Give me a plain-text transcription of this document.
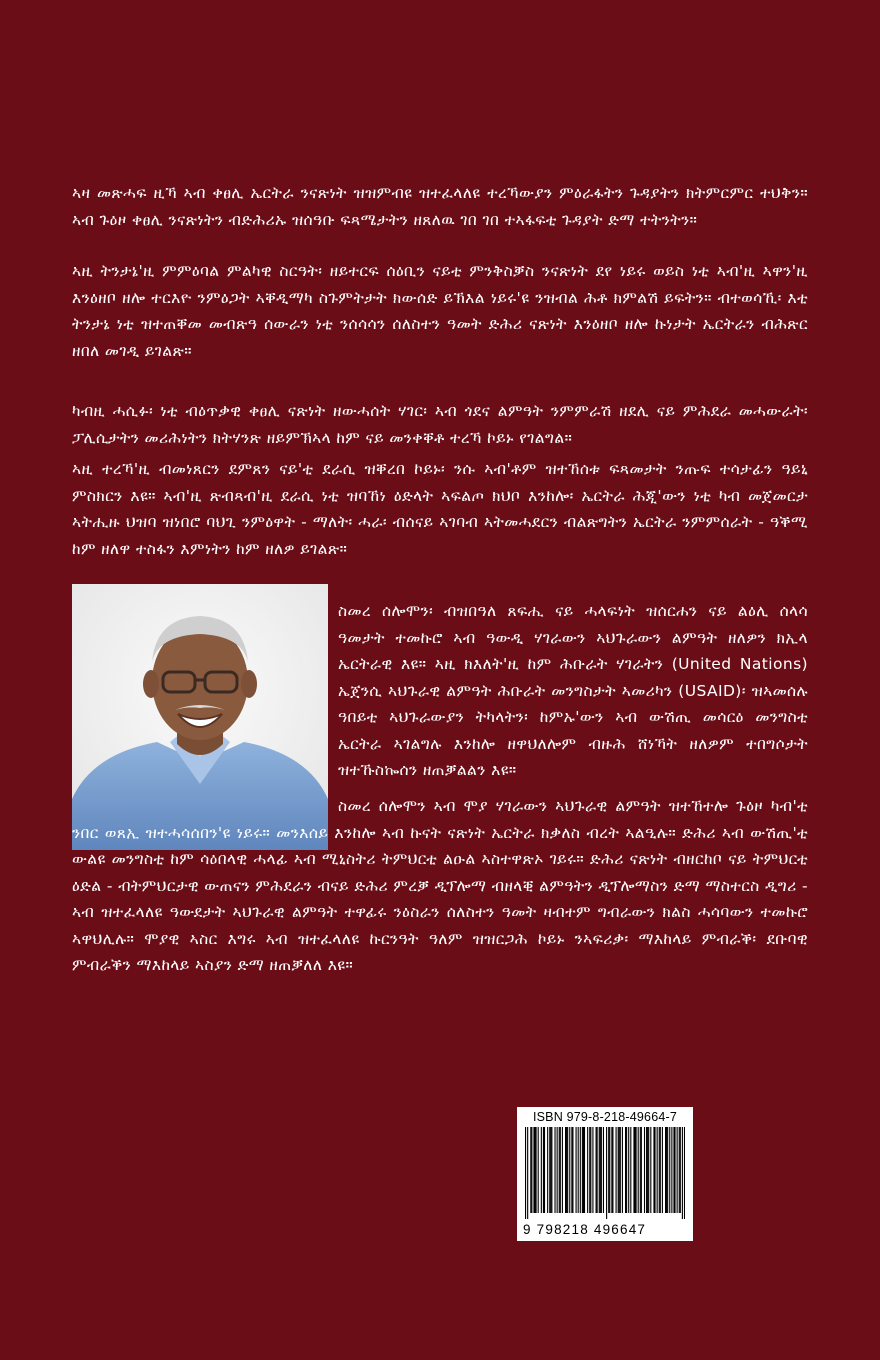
ኣዛ መጽሓፍ ዚኻ ኣብ ቀፀሊ ኤርትራ ንናጽነት ዝዝምብዩ ዝተፈላለዩ ተረኻውያን ምዕራፋትን ጉዳያትን ክትምርምር ተህቅን። ኣብ ጉዕዞ ቀፀሊ ንናጽነትን ብድሕሪኡ ዝሰዓቡ ፍጻሜታትን ዘጸለዉ ገበ ገበ ተኣፋፍቲ ጉዳያት ድማ ተትንትን።

ኣዚ ትንታኔ'ዚ ምምዕባል ምልካዊ ስርዓት፡ ዘይተርፍ ሰዕቢን ናይቲ ምንቅስቓስ ንናጽነት ደየ ነይሩ ወይስ ነቲ ኣብ'ዚ ኣዋን'ዚ እንዕዘቦ ዘሎ ተርእዮ ንምዕጋት ኣቐዲማካ ስጉምትታት ክውሰድ ይኽእል ነይሩ'ዩ ንዝብል ሕቶ ክምልሽ ይፍትን። ብተወሳኺ፡ እቲ ትንታኔ ነቲ ዝተጠቐመ መብጽዓ ሰውራን ነቲ ንሰሳሳን ሰለስተን ዓመት ድሕሪ ናጽነት እንዕዘቦ ዘሎ ኩነታት ኤርትራን ብሕጽር ዘበለ መገዲ ይገልጽ።

ካብዚ ሓሲፉ፡ ነቲ ብዕጥቃዊ ቀፀሊ ናጽነት ዘውሓሰት ሃገር፡ ኣብ ጎደና ልምዓት ንምምራሽ ዘደሊ ናይ ምሕደራ መሓውራት፡ ፓሊሲታትን መሪሕነትን ክትሃንጽ ዘይምኽኣላ ከም ናይ መንቀቐቶ ተረኻ ኮይኑ የገልግል።

ኣዚ ተረኻ'ዚ ብመነጸርን ደምጸን ናይ'ቲ ደራሲ ዝቐረበ ኮይኑ፡ ንሱ ኣብ'ቶም ዝተኸሰቱ ፍጻመታት ንጡፍ ተሳታፊን ዓይኒ ምስክርን እዩ። ኣብ'ዚ ጽብጻብ'ዚ ደራሲ ነቲ ዝባኸነ ዕድላት ኣፍልጦ ክህቦ እንከሎ፡ ኤርትራ ሕጂ'ውን ነቲ ካብ መጀመርታ ኣትሒዙ ህዝባ ዝነበሮ ባህጊ ንምዕዋት - ማለት፡ ሓራ፡ ብሰናይ ኣገባብ ኣትመሓደርን ብልጽግትን ኤርትራ ንምምሰራት - ዓቕሚ ከም ዘለዋ ተስፋን እምነትን ከም ዘለዎ ይገልጽ።

ስመረ ሰሎሞን፡ ብዝበዓለ ጸፍሒ ናይ ሓላፍነት ዝሰርሐን ናይ ልዕሊ ሰላሳ ዓመታት ተመኩሮ ኣብ ዓውዲ ሃገራውን ኣህጉራውን ልምዓት ዘለዎን ክኢላ ኤርትራዊ እዩ። ኣዚ ክእለት'ዚ ከም ሕቡራት ሃገራትን (United Nations) ኤጀንሲ ኣህጉራዊ ልምዓት ሕቡራት መንግስታት ኣመሪካን (USAID)፡ ዝኣመሰሉ ዓበይቲ ኣህጉራውያን ትካላትን፡ ከምኡ'ውን ኣብ ውሽጢ መሳርዕ መንግስቲ ኤርትራ ኣገልግሉ እንከሎ ዘዋህለሎም ብዙሕ ሸነኻት ዘለዎም ተበግሶታት ዝተኹስኰሰን ዘጠቓልልን እዩ።

ስመረ ሰሎሞን ኣብ ሞያ ሃገራውን ኣህጉራዊ ልምዓት ዝተኸተሎ ጉዕዞ ካብ'ቲ ንበር ወጸኢ ዝተሓሳሰበን'ዩ ነይሩ። መንእሰይ እንከሎ ኣብ ኩናት ናጽነት ኤርትራ ክቃለስ ብረት ኣልዒሉ። ድሕሪ ኣብ ውሽጢ'ቲ ውልዩ መንግስቲ ከም ሳዕበላዊ ሓላፊ ኣብ ሚኒስትሪ ትምህርቲ ልዑል ኣስተዋጽኦ ገይሩ። ድሕሪ ናጽነት ብዘርከቦ ናይ ትምህርቲ ዕድል - ብትምህርታዊ ውጠናን ምሕደራን ብናይ ድሕሪ ምረቓ ዲፕሎማ ብዘላቒ ልምዓትን ዲፕሎማስን ድማ ማስተርስ ዲግሪ - ኣብ ዝተፈላለዩ ዓውደታት ኣህጉራዊ ልምዓት ተዋፊሩ ንዕስራን ሰለስተን ዓመት ዛብተም ግብራውን ክልስ ሓሳባውን ተመኩሮ ኣዋህሊሉ። ሞያዊ ኣስር እግሩ ኣብ ዝተፈላለዩ ኩርንዓት ዓለም ዝዝርጋሕ ኮይኑ ንኣፍሪቃ፡ ማእከላይ ምብራቕ፡ ደቡባዊ ምብራቕን ማእከላይ ኣስያን ድማ ዘጠቓለለ እዩ።

ISBN 979-8-218-49664-7
9 798218 496647
